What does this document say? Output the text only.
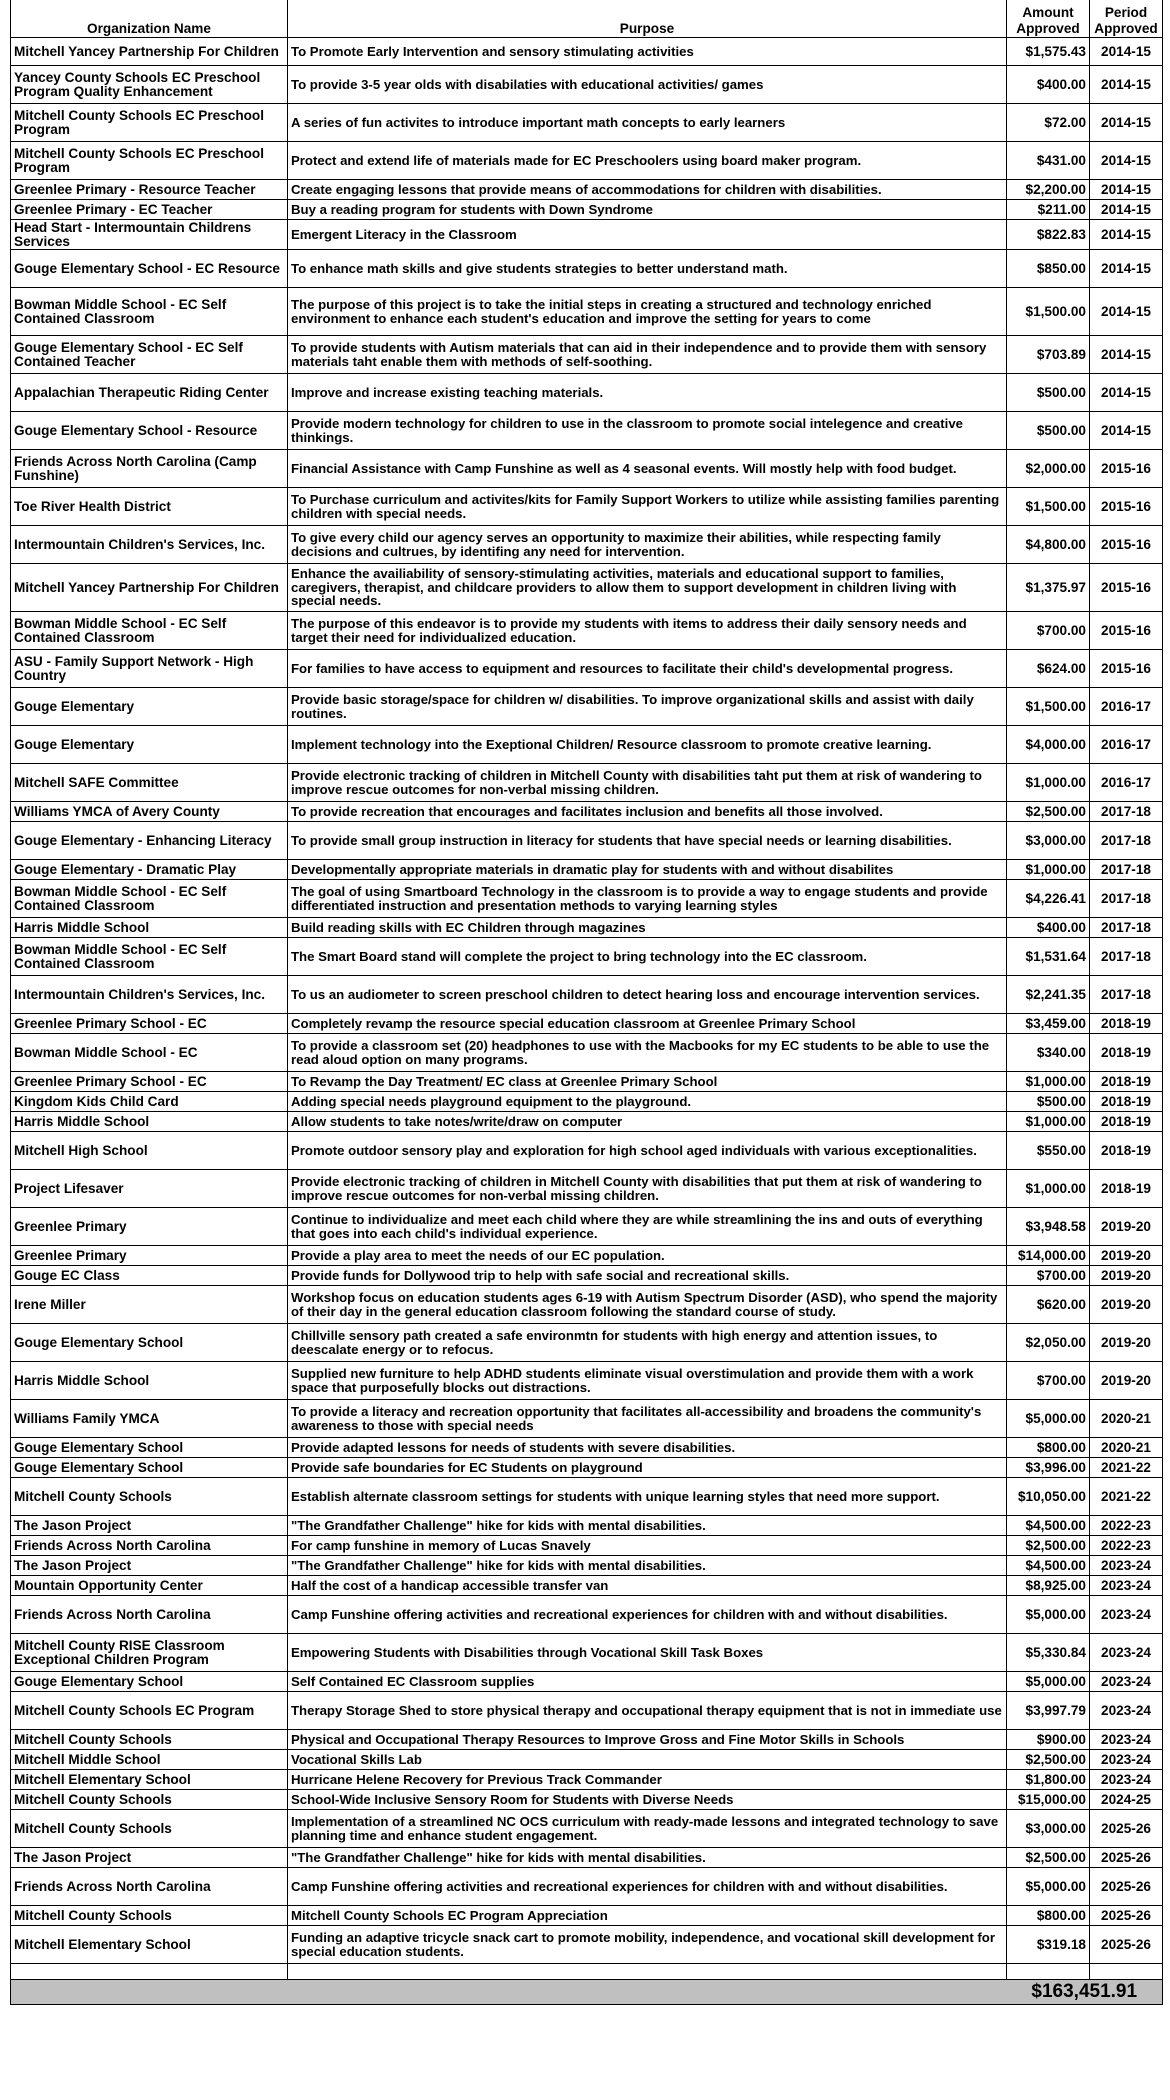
Organization Name	Purpose	Amount Approved	Period Approved
Mitchell Yancey Partnership For Children	To Promote Early Intervention and sensory stimulating activities	$1,575.43	2014-15
Yancey County Schools EC Preschool Program Quality Enhancement	To provide 3-5 year olds with disabilaties with educational activities/ games	$400.00	2014-15
Mitchell County Schools EC Preschool Program	A series of fun activites to introduce important math concepts to early learners	$72.00	2014-15
Mitchell County Schools EC Preschool Program	Protect and extend life of materials made for EC Preschoolers using board maker program.	$431.00	2014-15
Greenlee Primary - Resource Teacher	Create engaging lessons that provide means of accommodations for children with disabilities.	$2,200.00	2014-15
Greenlee Primary - EC Teacher	Buy a reading program for students with Down Syndrome	$211.00	2014-15
Head Start - Intermountain Childrens Services	Emergent Literacy in the Classroom	$822.83	2014-15
Gouge Elementary School - EC Resource	To enhance math skills and give students strategies to better understand math.	$850.00	2014-15
Bowman Middle School - EC Self Contained Classroom	The purpose of this project is to take the initial steps in creating a structured and technology enriched environment to enhance each student's education and improve the setting for years to come	$1,500.00	2014-15
Gouge Elementary School - EC Self Contained Teacher	To provide students with Autism materials that can aid in their independence and to provide them with sensory materials taht enable them with methods of self-soothing.	$703.89	2014-15
Appalachian Therapeutic Riding Center	Improve and increase existing teaching materials.	$500.00	2014-15
Gouge Elementary School - Resource	Provide modern technology for children to use in the classroom to promote social intelegence and creative thinkings.	$500.00	2014-15
Friends Across North Carolina (Camp Funshine)	Financial Assistance with Camp Funshine as well as 4 seasonal events. Will mostly help with food budget.	$2,000.00	2015-16
Toe River Health District	To Purchase curriculum and activites/kits for Family Support Workers to utilize while assisting families parenting children with special needs.	$1,500.00	2015-16
Intermountain Children's Services, Inc.	To give every child our agency serves an opportunity to maximize their abilities, while respecting family decisions and cultrues, by identifing any need for intervention.	$4,800.00	2015-16
Mitchell Yancey Partnership For Children	Enhance the availiability of sensory-stimulating activities, materials and educational support to families, caregivers, therapist, and childcare providers to allow them to support development in children living with special needs.	$1,375.97	2015-16
Bowman Middle School - EC Self Contained Classroom	The purpose of this endeavor is to provide my students with items to address their daily sensory needs and target their need for individualized education.	$700.00	2015-16
ASU - Family Support Network - High Country	For families to have access to equipment and resources to facilitate their child's developmental progress.	$624.00	2015-16
Gouge Elementary	Provide basic storage/space for children w/ disabilities. To improve organizational skills and assist with daily routines.	$1,500.00	2016-17
Gouge Elementary	Implement technology into the Exeptional Children/ Resource classroom to promote creative learning.	$4,000.00	2016-17
Mitchell SAFE Committee	Provide electronic tracking of children in Mitchell County with disabilities taht put them at risk of wandering to improve rescue outcomes for non-verbal missing children.	$1,000.00	2016-17
Williams YMCA of Avery County	To provide recreation that encourages and facilitates inclusion and benefits all those involved.	$2,500.00	2017-18
Gouge Elementary - Enhancing Literacy	To provide small group instruction in literacy for students that have special needs or learning disabilities.	$3,000.00	2017-18
Gouge Elementary - Dramatic Play	Developmentally appropriate materials in dramatic play for students with and without disabilites	$1,000.00	2017-18
Bowman Middle School - EC Self Contained Classroom	The goal of using Smartboard Technology in the classroom is to provide a way to engage students and provide differentiated instruction and presentation methods to varying learning styles	$4,226.41	2017-18
Harris Middle School	Build reading skills with EC Children through magazines	$400.00	2017-18
Bowman Middle School - EC Self Contained Classroom	The Smart Board stand will complete the project to bring technology into the EC classroom.	$1,531.64	2017-18
Intermountain Children's Services, Inc.	To us an audiometer to screen preschool children to detect hearing loss and encourage intervention services.	$2,241.35	2017-18
Greenlee Primary School - EC	Completely revamp the resource special education classroom at Greenlee Primary School	$3,459.00	2018-19
Bowman Middle School - EC	To provide a classroom set (20) headphones to use with the Macbooks for my EC students to be able to use the read aloud option on many programs.	$340.00	2018-19
Greenlee Primary School - EC	To Revamp the Day Treatment/ EC class at Greenlee Primary School	$1,000.00	2018-19
Kingdom Kids Child Card	Adding special needs playground equipment to the playground.	$500.00	2018-19
Harris Middle School	Allow students to take notes/write/draw on computer	$1,000.00	2018-19
Mitchell High School	Promote outdoor sensory play and exploration for high school aged individuals with various exceptionalities.	$550.00	2018-19
Project Lifesaver	Provide electronic tracking of children in Mitchell County with disabilities that put them at risk of wandering to improve rescue outcomes for non-verbal missing children.	$1,000.00	2018-19
Greenlee Primary	Continue to individualize and meet each child where they are while streamlining the ins and outs of everything that goes into each child's individual experience.	$3,948.58	2019-20
Greenlee Primary	Provide a play area to meet the needs of our EC population.	$14,000.00	2019-20
Gouge EC Class	Provide funds for Dollywood trip to help with safe social and recreational skills.	$700.00	2019-20
Irene Miller	Workshop focus on education students ages 6-19 with Autism Spectrum Disorder (ASD), who spend the majority of their day in the general education classroom following the standard course of study.	$620.00	2019-20
Gouge Elementary School	Chillville sensory path created a safe environmtn for students with high energy and attention issues, to deescalate energy or to refocus.	$2,050.00	2019-20
Harris Middle School	Supplied new furniture to help ADHD students eliminate visual overstimulation and provide them with a work space that purposefully blocks out distractions.	$700.00	2019-20
Williams Family YMCA	To provide a literacy and recreation opportunity that facilitates all-accessibility and broadens the community's awareness to those with special needs	$5,000.00	2020-21
Gouge Elementary School	Provide adapted lessons for needs of students with severe disabilities.	$800.00	2020-21
Gouge Elementary School	Provide safe boundaries for EC Students on playground	$3,996.00	2021-22
Mitchell County Schools	Establish alternate classroom settings for students with unique learning styles that need more support.	$10,050.00	2021-22
The Jason Project	"The Grandfather Challenge" hike for kids with mental disabilities.	$4,500.00	2022-23
Friends Across North Carolina	For camp funshine in memory of Lucas Snavely	$2,500.00	2022-23
The Jason Project	"The Grandfather Challenge" hike for kids with mental disabilities.	$4,500.00	2023-24
Mountain Opportunity Center	Half the cost of a handicap accessible transfer van	$8,925.00	2023-24
Friends Across North Carolina	Camp Funshine offering activities and recreational experiences for children with and without disabilities.	$5,000.00	2023-24
Mitchell County RISE Classroom Exceptional Children Program	Empowering Students with Disabilities through Vocational Skill Task Boxes	$5,330.84	2023-24
Gouge Elementary School	Self Contained EC Classroom supplies	$5,000.00	2023-24
Mitchell County Schools EC Program	Therapy Storage Shed to store physical therapy and occupational therapy equipment that is not in immediate use	$3,997.79	2023-24
Mitchell County Schools	Physical and Occupational Therapy Resources to Improve Gross and Fine Motor Skills in Schools	$900.00	2023-24
Mitchell Middle School	Vocational Skills Lab	$2,500.00	2023-24
Mitchell Elementary School	Hurricane Helene Recovery for Previous Track Commander	$1,800.00	2023-24
Mitchell County Schools	School-Wide Inclusive Sensory Room for Students with Diverse Needs	$15,000.00	2024-25
Mitchell County Schools	Implementation of a streamlined NC OCS curriculum with ready-made lessons and integrated technology to save planning time and enhance student engagement.	$3,000.00	2025-26
The Jason Project	"The Grandfather Challenge" hike for kids with mental disabilities.	$2,500.00	2025-26
Friends Across North Carolina	Camp Funshine offering activities and recreational experiences for children with and without disabilities.	$5,000.00	2025-26
Mitchell County Schools	Mitchell County Schools EC Program Appreciation	$800.00	2025-26
Mitchell Elementary School	Funding an adaptive tricycle snack cart to promote mobility, independence, and vocational skill development for special education students.	$319.18	2025-26

		$163,451.91	
